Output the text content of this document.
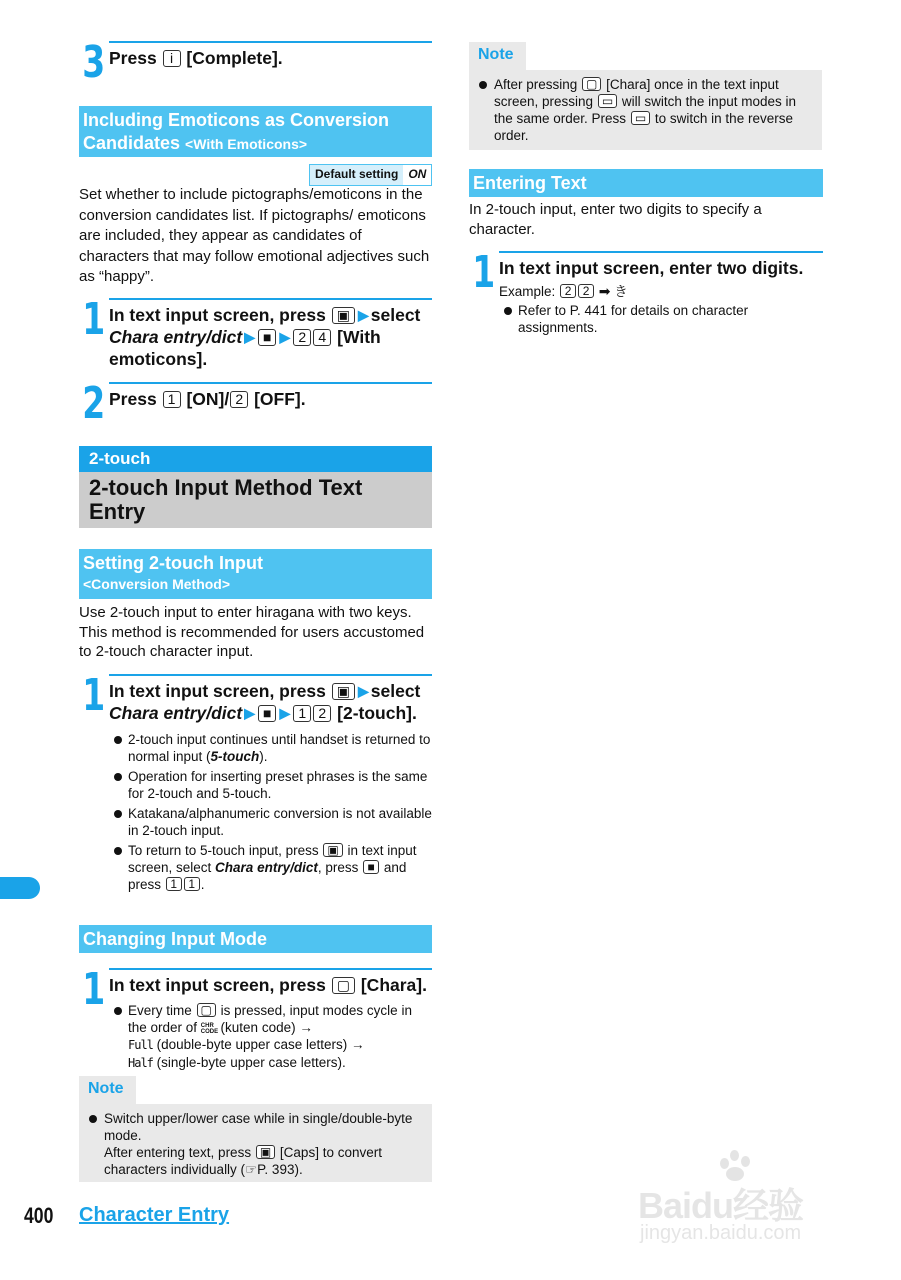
3 Press i [Complete].
Including Emoticons as Conversion Candidates <With Emoticons>
Default setting ON
Set whether to include pictographs/emoticons in the conversion candidates list. If pictographs/ emoticons are included, they appear as candidates of characters that may follow emotional adjectives such as “happy”.
1 In text input screen, press ▣ ▶ select Chara entry/dict ▶ ■ ▶ 2 4 [With emoticons].
2 Press 1 [ON]/ 2 [OFF].
2-touch
2-touch Input Method Text Entry
Setting 2-touch Input
<Conversion Method>
Use 2-touch input to enter hiragana with two keys. This method is recommended for users accustomed to 2-touch character input.
1 In text input screen, press ▣ ▶ select Chara entry/dict ▶ ■ ▶ 1 2 [2-touch].
2-touch input continues until handset is returned to normal input (5-touch).
Operation for inserting preset phrases is the same for 2-touch and 5-touch.
Katakana/alphanumeric conversion is not available in 2-touch input.
To return to 5-touch input, press ▣ in text input screen, select Chara entry/dict, press ■ and press 1 1 .
Changing Input Mode
1 In text input screen, press ▢ [Chara].
Every time ▢ is pressed, input modes cycle in the order of CHR CODE (kuten code) →
Full (double-byte upper case letters) →
Half (single-byte upper case letters).
Note
Switch upper/lower case while in single/double-byte mode.
After entering text, press ▣ [Caps] to convert characters individually (☞P. 393).
Note
After pressing ▢ [Chara] once in the text input screen, pressing ▭ will switch the input modes in the same order. Press ▭ to switch in the reverse order.
Entering Text
In 2-touch input, enter two digits to specify a character.
1 In text input screen, enter two digits.
Example: 2 2 ➡ き
Refer to P. 441 for details on character assignments.
400 Character Entry	Baidu经验
jingyan.baidu.com
